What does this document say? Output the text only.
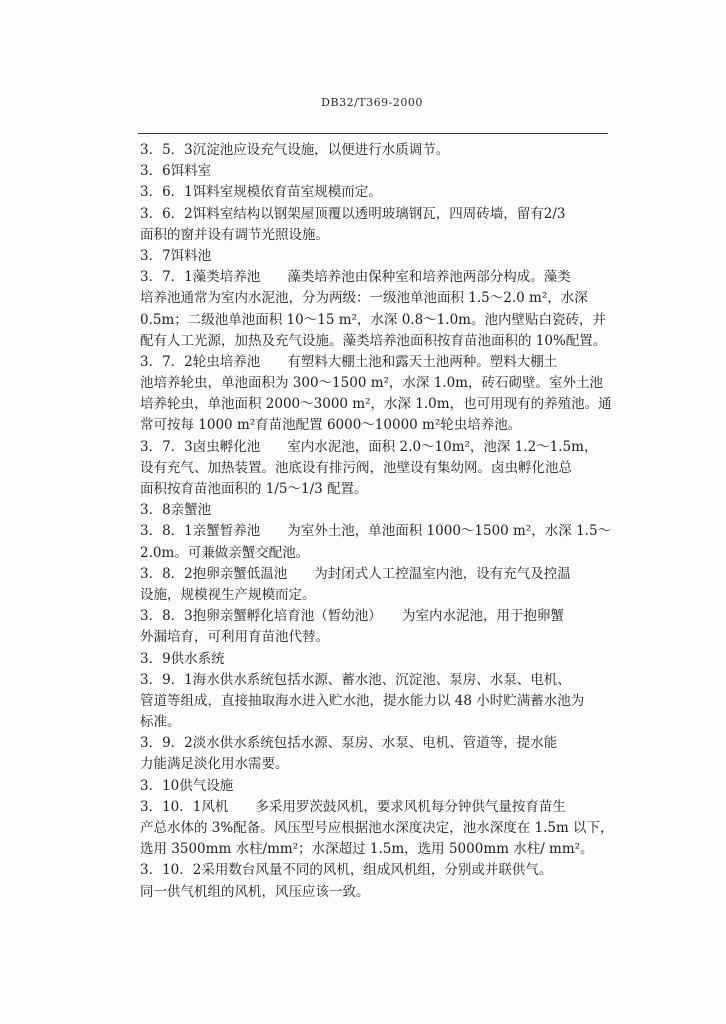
DB32/T369-2000
3．5．3沉淀池应设充气设施，以便进行水质调节。
3．6饵料室
3．6．1饵料室规模依育苗室规模而定。
3．6．2饵料室结构以钢架屋顶覆以透明玻璃钢瓦，四周砖墙，留有2/3
面积的窗并设有调节光照设施。
3．7饵料池
3．7．1藻类培养池　　藻类培养池由保种室和培养池两部分构成。藻类
培养池通常为室内水泥池，分为两级：一级池单池面积 1.5～2.0 m²，水深
0.5m；二级池单池面积 10～15 m²，水深 0.8～1.0m。池内壁贴白瓷砖，并
配有人工光源，加热及充气设施。藻类培养池面积按育苗池面积的 10%配置。
3．7．2轮虫培养池　　有塑料大棚土池和露天土池两种。塑料大棚土
池培养轮虫，单池面积为 300～1500 m²，水深 1.0m，砖石砌壁。室外土池
培养轮虫，单池面积 2000～3000 m²，水深 1.0m，也可用现有的养殖池。通
常可按每 1000 m²育苗池配置 6000～10000 m²轮虫培养池。
3．7．3卤虫孵化池　　室内水泥池，面积 2.0～10m²，池深 1.2～1.5m，
设有充气、加热装置。池底设有排污阀，池壁设有集幼网。卤虫孵化池总
面积按育苗池面积的 1/5～1/3 配置。
3．8亲蟹池
3．8．1亲蟹暂养池　　为室外土池，单池面积 1000～1500 m²，水深 1.5～
2.0m。可兼做亲蟹交配池。
3．8．2抱卵亲蟹低温池　　为封闭式人工控温室内池，设有充气及控温
设施，规模视生产规模而定。
3．8．3抱卵亲蟹孵化培育池（暂幼池）　　为室内水泥池，用于抱卵蟹
外漏培育，可利用育苗池代替。
3．9供水系统
3．9．1海水供水系统包括水源、蓄水池、沉淀池、泵房、水泵、电机、
管道等组成，直接抽取海水进入贮水池，提水能力以 48 小时贮满蓄水池为
标准。
3．9．2淡水供水系统包括水源、泵房、水泵、电机、管道等，提水能
力能满足淡化用水需要。
3．10供气设施
3．10．1风机　　多采用罗茨鼓风机，要求风机每分钟供气量按育苗生
产总水体的 3%配备。风压型号应根据池水深度决定，池水深度在 1.5m 以下，
选用 3500mm 水柱/mm²；水深超过 1.5m，选用 5000mm 水柱/ mm²。
3．10．2采用数台风量不同的风机，组成风机组，分别或并联供气。
同一供气机组的风机，风压应该一致。
